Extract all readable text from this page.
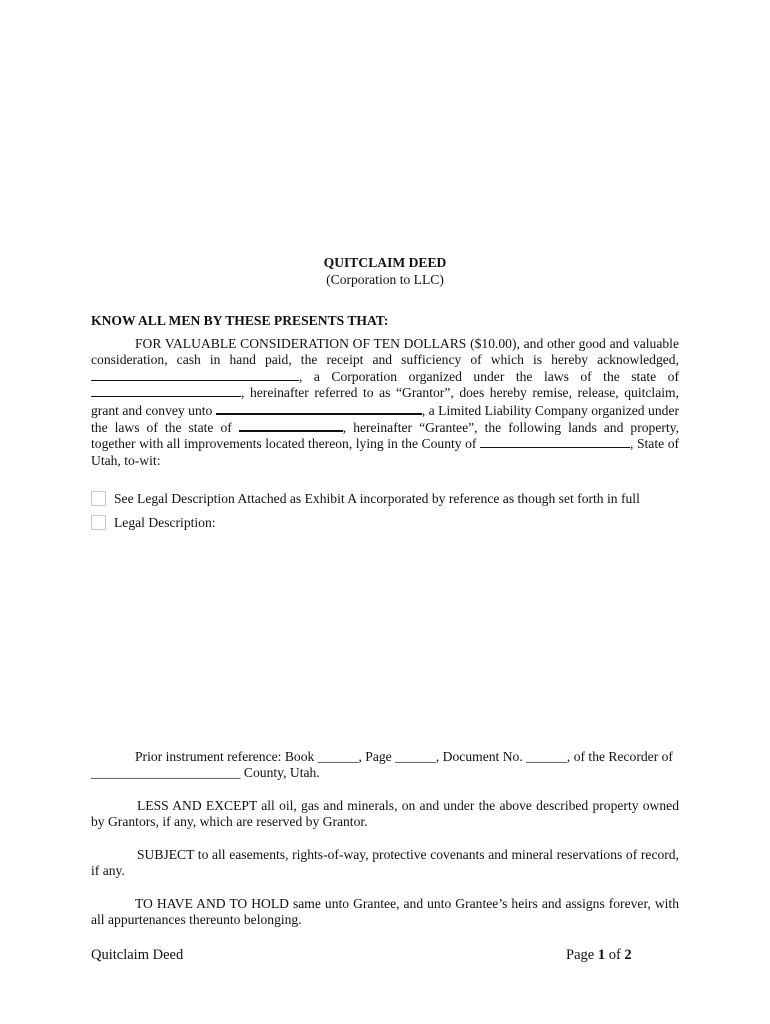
QUITCLAIM DEED
(Corporation to LLC)
KNOW ALL MEN BY THESE PRESENTS THAT:
FOR VALUABLE CONSIDERATION OF TEN DOLLARS ($10.00), and other good and valuable consideration, cash in hand paid, the receipt and sufficiency of which is hereby acknowledged, , a Corporation organized under the laws of the state of , hereinafter referred to as “Grantor”, does hereby remise, release, quitclaim, grant and convey unto	, a Limited Liability Company organized under the laws of the state of	, hereinafter “Grantee”, the following lands and property, together with all improvements located thereon, lying in the County of	, State of Utah, to-wit:
See Legal Description Attached as Exhibit A incorporated by reference as though set forth in full
Legal Description:
Prior instrument reference: Book ______, Page ______, Document No. ______, of the Recorder of
______________________ County, Utah.
LESS AND EXCEPT all oil, gas and minerals, on and under the above described property owned by Grantors, if any, which are reserved by Grantor.
SUBJECT to all easements, rights-of-way, protective covenants and mineral reservations of record, if any.
TO HAVE AND TO HOLD same unto Grantee, and unto Grantee’s heirs and assigns forever, with all appurtenances thereunto belonging.
Quitclaim Deed	Page 1 of 2
